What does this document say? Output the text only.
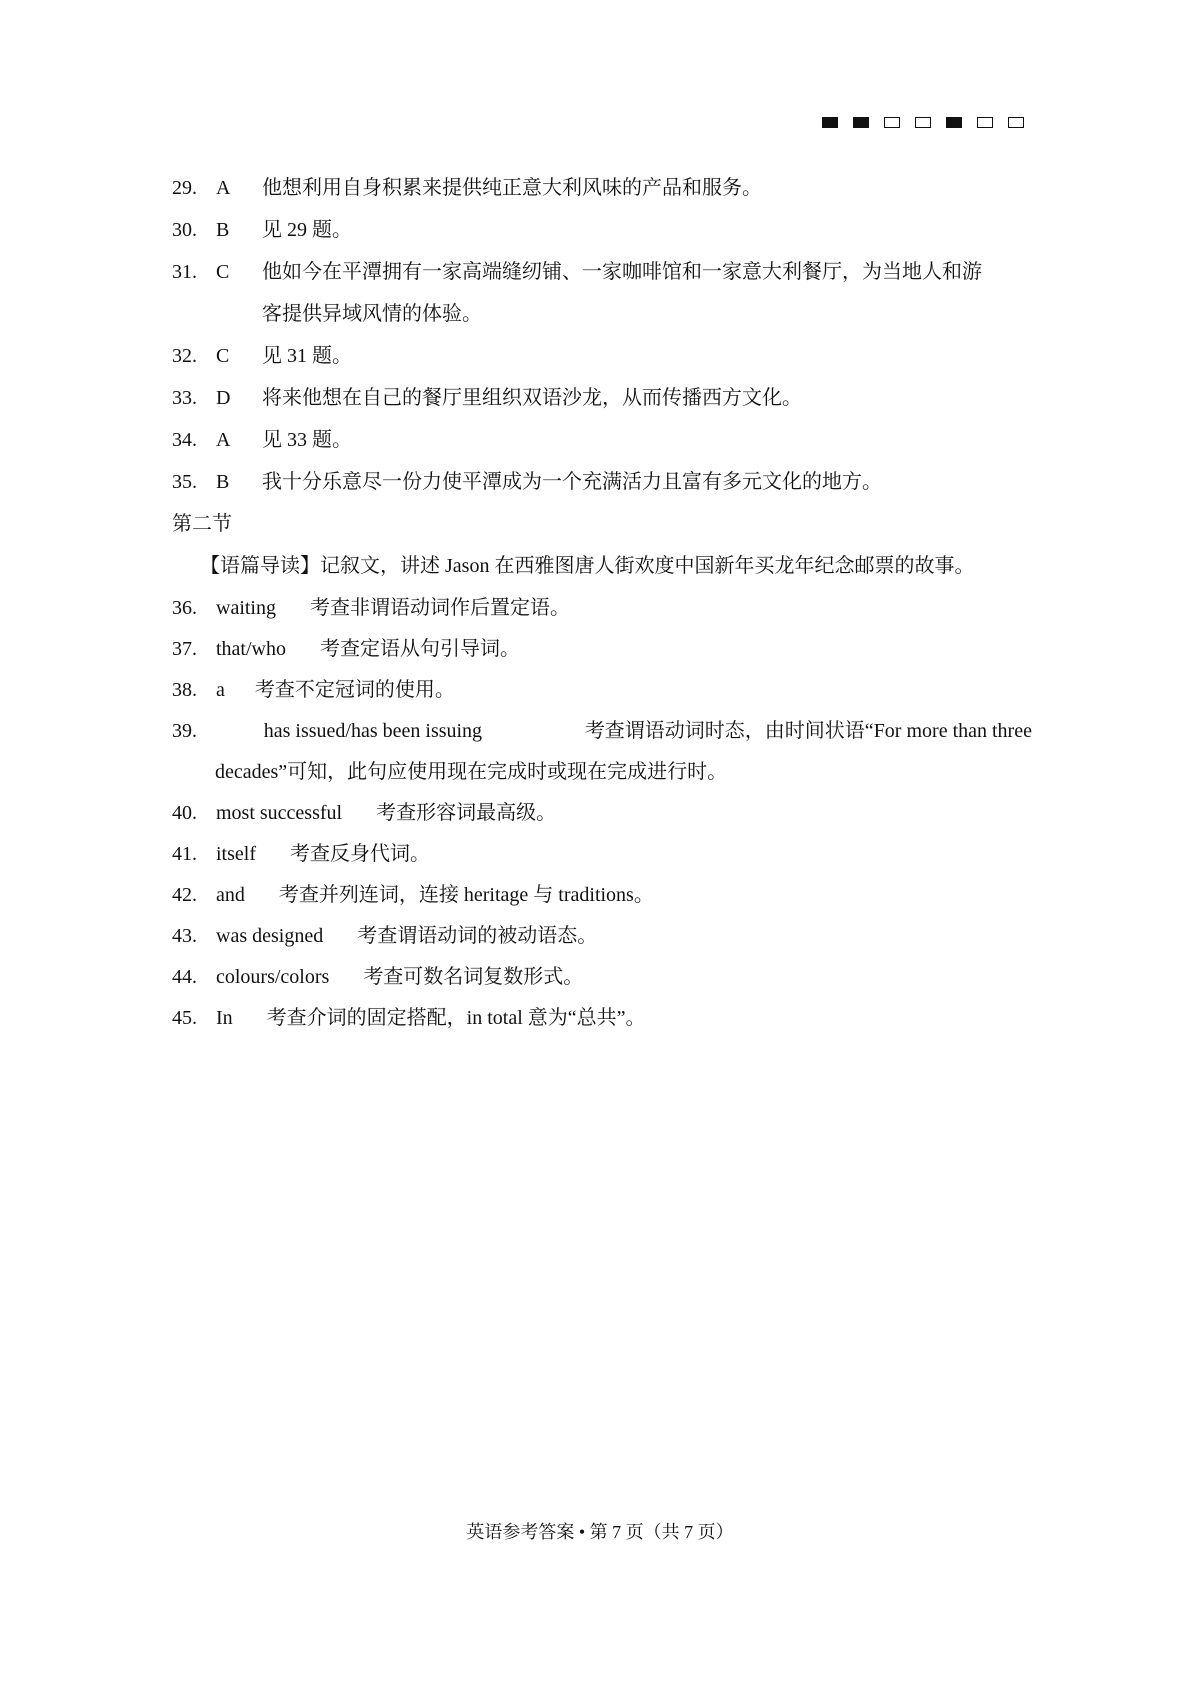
29. A 他想利用自身积累来提供纯正意大利风味的产品和服务。
30. B 见 29 题。
31. C 他如今在平潭拥有一家高端缝纫铺、一家咖啡馆和一家意大利餐厅，为当地人和游
客提供异域风情的体验。
32. C 见 31 题。
33. D 将来他想在自己的餐厅里组织双语沙龙，从而传播西方文化。
34. A 见 33 题。
35. B 我十分乐意尽一份力使平潭成为一个充满活力且富有多元文化的地方。
第二节
【语篇导读】记叙文，讲述 Jason 在西雅图唐人街欢度中国新年买龙年纪念邮票的故事。
36. waiting 考查非谓语动词作后置定语。
37. that/who 考查定语从句引导词。
38. a 考查不定冠词的使用。
39.	has issued/has been issuing	考查谓语动词时态，由时间状语“For more than three
decades”可知，此句应使用现在完成时或现在完成进行时。
40. most successful 考查形容词最高级。
41. itself 考查反身代词。
42. and 考查并列连词，连接 heritage 与 traditions。
43. was designed 考查谓语动词的被动语态。
44. colours/colors 考查可数名词复数形式。
45. In 考查介词的固定搭配，in total 意为“总共”。
英语参考答案 • 第 7 页（共 7 页）
